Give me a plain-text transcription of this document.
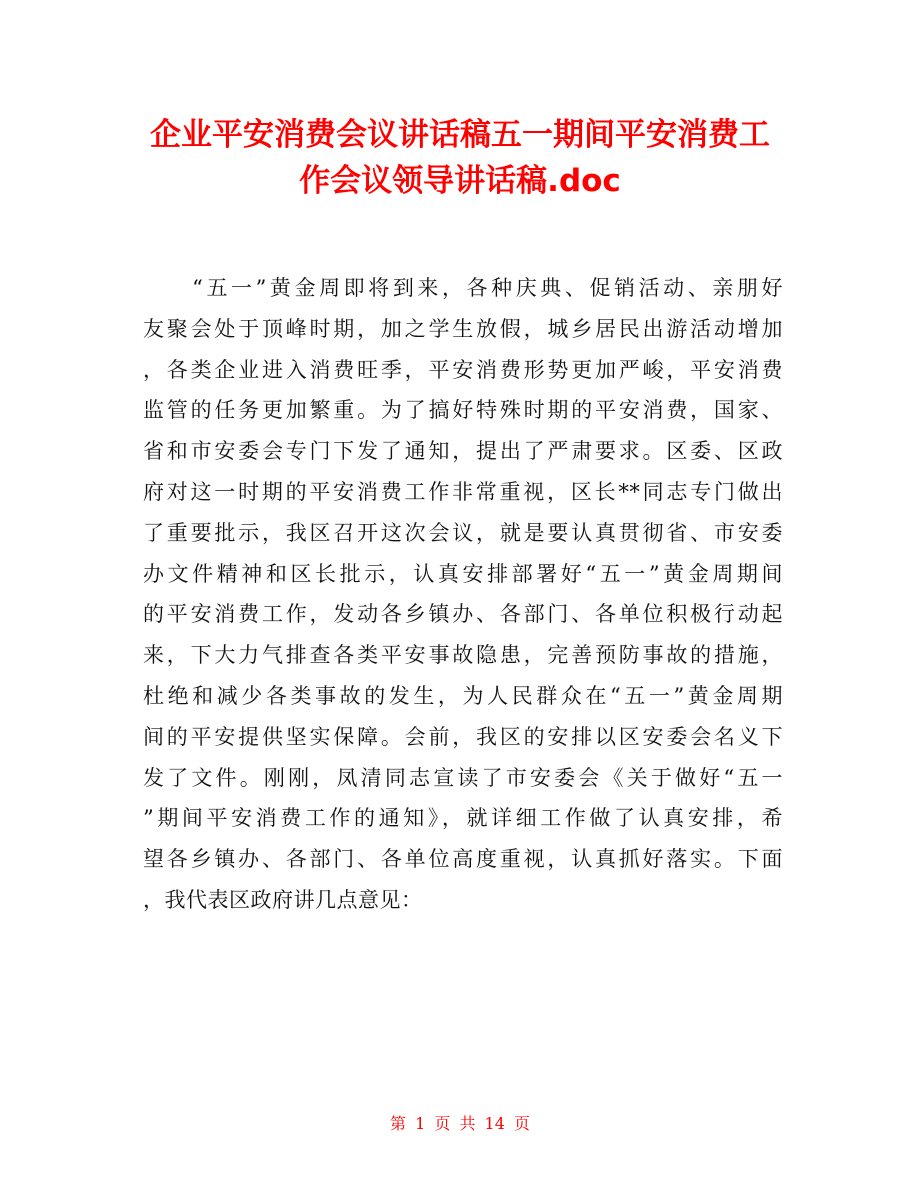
企业平安消费会议讲话稿五一期间平安消费工
作会议领导讲话稿.doc
　　“五一”黄金周即将到来，各种庆典、促销活动、亲朋好
友聚会处于顶峰时期，加之学生放假，城乡居民出游活动增加
，各类企业进入消费旺季，平安消费形势更加严峻，平安消费
监管的任务更加繁重。为了搞好特殊时期的平安消费，国家、
省和市安委会专门下发了通知，提出了严肃要求。区委、区政
府对这一时期的平安消费工作非常重视，区长**同志专门做出
了重要批示，我区召开这次会议，就是要认真贯彻省、市安委
办文件精神和区长批示，认真安排部署好“五一”黄金周期间
的平安消费工作，发动各乡镇办、各部门、各单位积极行动起
来，下大力气排查各类平安事故隐患，完善预防事故的措施，
杜绝和减少各类事故的发生，为人民群众在“五一”黄金周期
间的平安提供坚实保障。会前，我区的安排以区安委会名义下
发了文件。刚刚，凤清同志宣读了市安委会《关于做好“五一
”期间平安消费工作的通知》，就详细工作做了认真安排，希
望各乡镇办、各部门、各单位高度重视，认真抓好落实。下面
，我代表区政府讲几点意见：
第 1 页 共 14 页
